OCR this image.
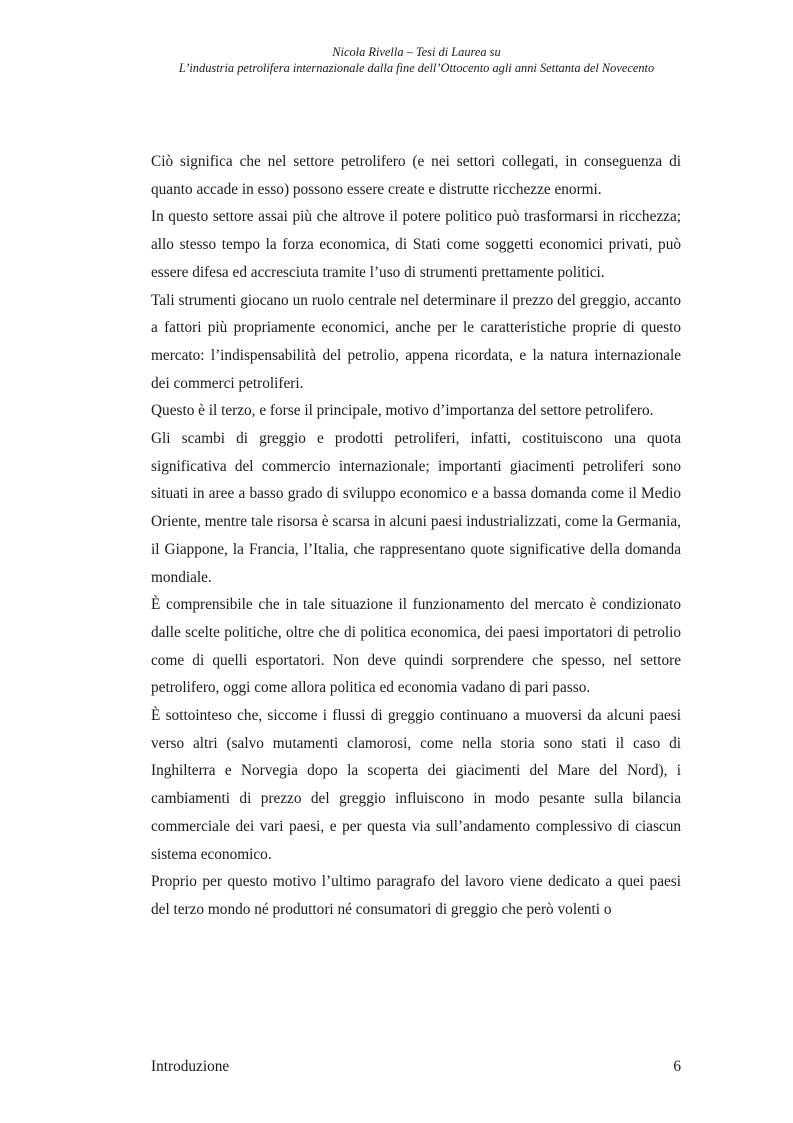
Nicola Rivella – Tesi di Laurea su
L’industria petrolifera internazionale dalla fine dell’Ottocento agli anni Settanta del Novecento

Ciò significa che nel settore petrolifero (e nei settori collegati, in conseguenza di quanto accade in esso) possono essere create e distrutte ricchezze enormi.

In questo settore assai più che altrove il potere politico può trasformarsi in ricchezza; allo stesso tempo la forza economica, di Stati come soggetti economici privati, può essere difesa ed accresciuta tramite l’uso di strumenti prettamente politici.

Tali strumenti giocano un ruolo centrale nel determinare il prezzo del greggio, accanto a fattori più propriamente economici, anche per le caratteristiche proprie di questo mercato: l’indispensabilità del petrolio, appena ricordata, e la natura internazionale dei commerci petroliferi.

Questo è il terzo, e forse il principale, motivo d’importanza del settore petrolifero.

Gli scambi di greggio e prodotti petroliferi, infatti, costituiscono una quota significativa del commercio internazionale; importanti giacimenti petroliferi sono situati in aree a basso grado di sviluppo economico e a bassa domanda come il Medio Oriente, mentre tale risorsa è scarsa in alcuni paesi industrializzati, come la Germania, il Giappone, la Francia, l’Italia, che rappresentano quote significative della domanda mondiale.

È comprensibile che in tale situazione il funzionamento del mercato è condizionato dalle scelte politiche, oltre che di politica economica, dei paesi importatori di petrolio come di quelli esportatori. Non deve quindi sorprendere che spesso, nel settore petrolifero, oggi come allora politica ed economia vadano di pari passo.

È sottointeso che, siccome i flussi di greggio continuano a muoversi da alcuni paesi verso altri (salvo mutamenti clamorosi, come nella storia sono stati il caso di Inghilterra e Norvegia dopo la scoperta dei giacimenti del Mare del Nord), i cambiamenti di prezzo del greggio influiscono in modo pesante sulla bilancia commerciale dei vari paesi, e per questa via sull’andamento complessivo di ciascun sistema economico.

Proprio per questo motivo l’ultimo paragrafo del lavoro viene dedicato a quei paesi del terzo mondo né produttori né consumatori di greggio che però volenti o

Introduzione	6
